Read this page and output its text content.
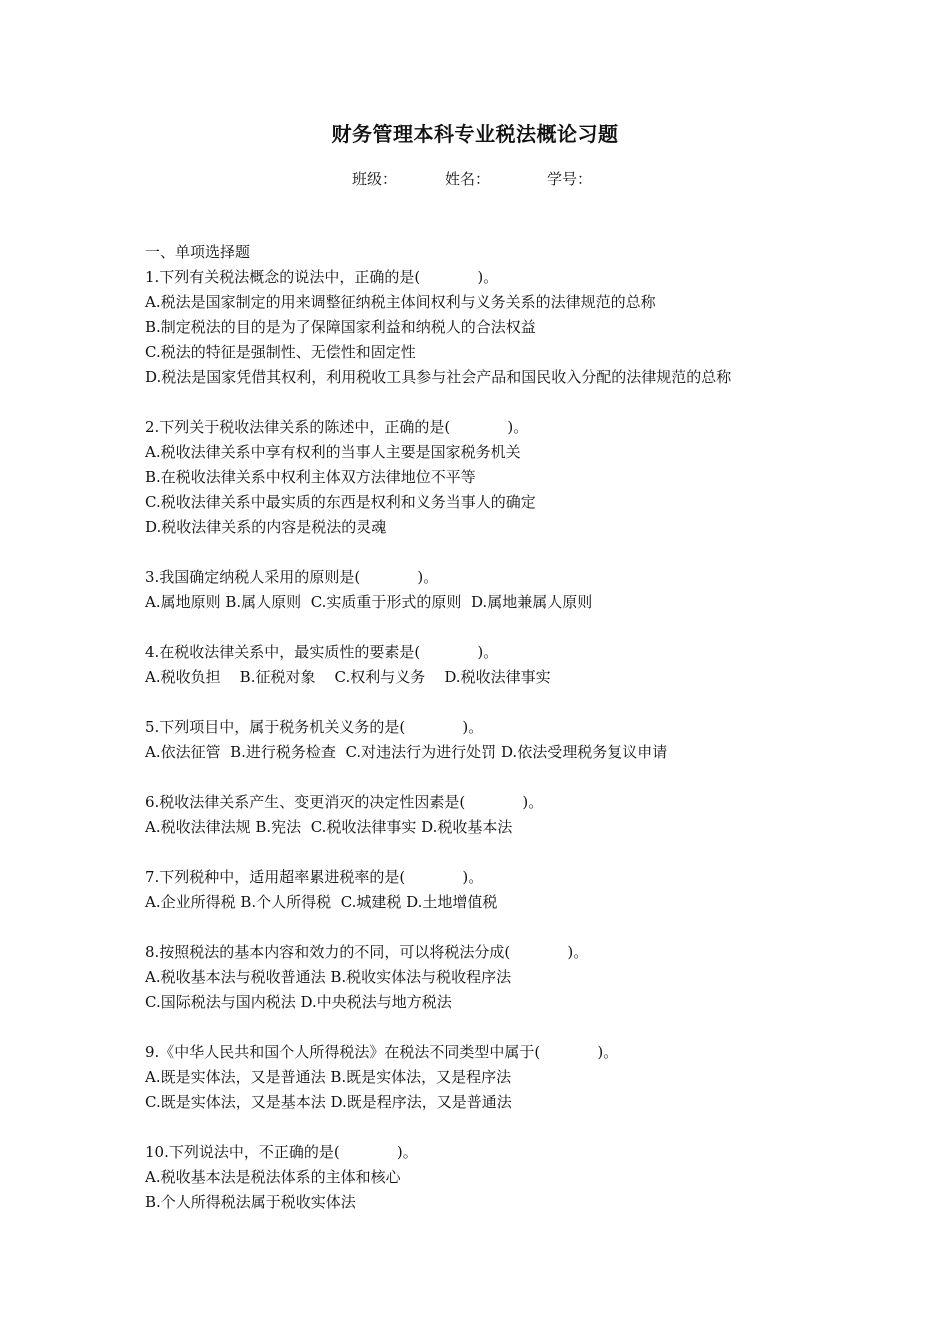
财务管理本科专业税法概论习题
班级：	姓名：	学号：
一、单项选择题
1.下列有关税法概念的说法中，正确的是(            )。
A.税法是国家制定的用来调整征纳税主体间权利与义务关系的法律规范的总称
B.制定税法的目的是为了保障国家利益和纳税人的合法权益
C.税法的特征是强制性、无偿性和固定性
D.税法是国家凭借其权利，利用税收工具参与社会产品和国民收入分配的法律规范的总称
2.下列关于税收法律关系的陈述中，正确的是(            )。
A.税收法律关系中享有权利的当事人主要是国家税务机关
B.在税收法律关系中权利主体双方法律地位不平等
C.税收法律关系中最实质的东西是权利和义务当事人的确定
D.税收法律关系的内容是税法的灵魂
3.我国确定纳税人采用的原则是(            )。
A.属地原则 B.属人原则  C.实质重于形式的原则  D.属地兼属人原则
4.在税收法律关系中，最实质性的要素是(            )。
A.税收负担    B.征税对象    C.权利与义务    D.税收法律事实
5.下列项目中，属于税务机关义务的是(            )。
A.依法征管  B.进行税务检查  C.对违法行为进行处罚 D.依法受理税务复议申请
6.税收法律关系产生、变更消灭的决定性因素是(            )。
A.税收法律法规 B.宪法  C.税收法律事实 D.税收基本法
7.下列税种中，适用超率累进税率的是(            )。
A.企业所得税 B.个人所得税  C.城建税 D.土地增值税
8.按照税法的基本内容和效力的不同，可以将税法分成(            )。
A.税收基本法与税收普通法 B.税收实体法与税收程序法
C.国际税法与国内税法 D.中央税法与地方税法
9.《中华人民共和国个人所得税法》在税法不同类型中属于(            )。
A.既是实体法，又是普通法 B.既是实体法，又是程序法
C.既是实体法，又是基本法 D.既是程序法，又是普通法
10.下列说法中，不正确的是(            )。
A.税收基本法是税法体系的主体和核心
B.个人所得税法属于税收实体法
